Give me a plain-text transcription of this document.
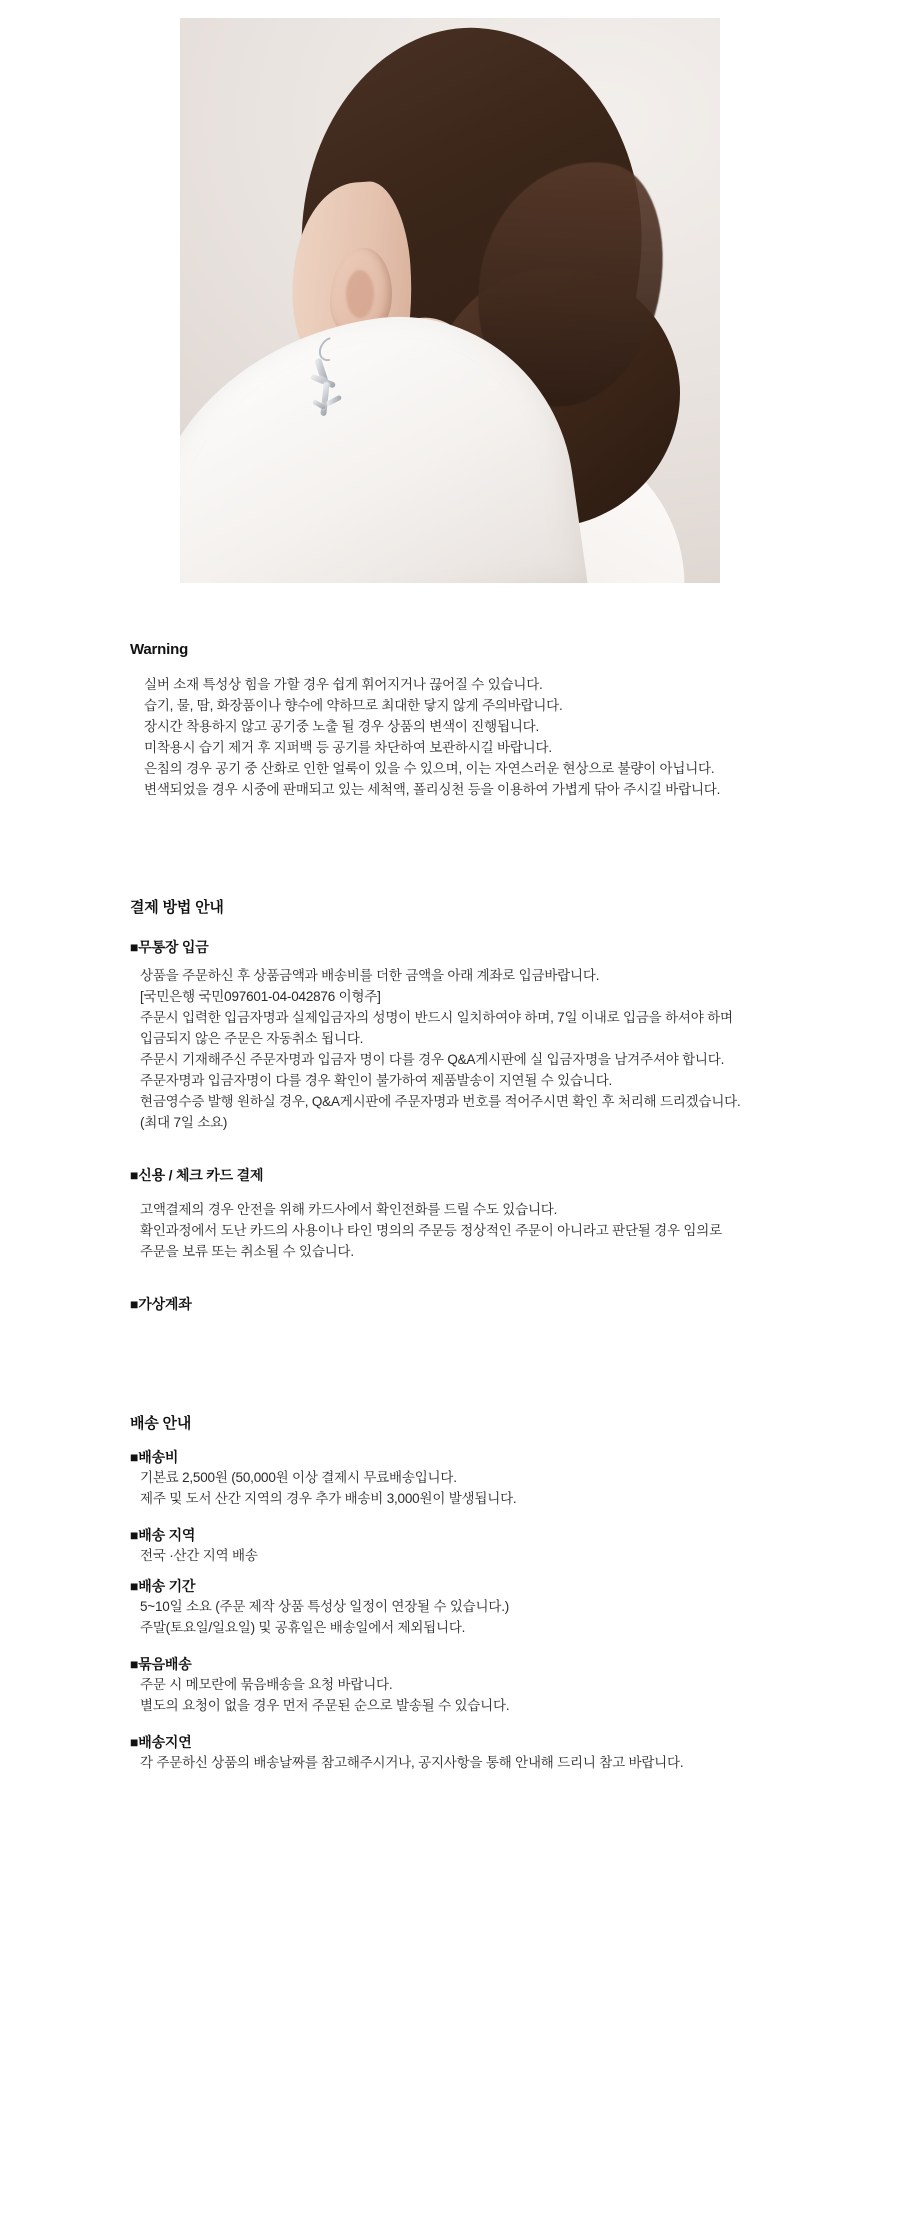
Warning
실버 소재 특성상 힘을 가할 경우 쉽게 휘어지거나 끊어질 수 있습니다.
습기, 물, 땀, 화장품이나 향수에 약하므로 최대한 닿지 않게 주의바랍니다.
장시간 착용하지 않고 공기중 노출 될 경우 상품의 변색이 진행됩니다.
미착용시 습기 제거 후 지퍼백 등 공기를 차단하여 보관하시길 바랍니다.
은침의 경우 공기 중 산화로 인한 얼룩이 있을 수 있으며, 이는 자연스러운 현상으로 불량이 아닙니다.
변색되었을 경우 시중에 판매되고 있는 세척액, 폴리싱천 등을 이용하여 가볍게 닦아 주시길 바랍니다.
결제 방법 안내
■무통장 입금
상품을 주문하신 후 상품금액과 배송비를 더한 금액을 아래 계좌로 입금바랍니다.
[국민은행 국민097601-04-042876 이형주]
주문시 입력한 입금자명과 실제입금자의 성명이 반드시 일치하여야 하며, 7일 이내로 입금을 하셔야 하며
입금되지 않은 주문은 자동취소 됩니다.
주문시 기재해주신 주문자명과 입금자 명이 다를 경우 Q&A게시판에 실 입금자명을 남겨주셔야 합니다.
주문자명과 입금자명이 다를 경우 확인이 불가하여 제품발송이 지연될 수 있습니다.
현금영수증 발행 원하실 경우, Q&A게시판에 주문자명과 번호를 적어주시면 확인 후 처리해 드리겠습니다.
(최대 7일 소요)
■신용 / 체크 카드 결제
고액결제의 경우 안전을 위해 카드사에서 확인전화를 드릴 수도 있습니다.
확인과정에서 도난 카드의 사용이나 타인 명의의 주문등 정상적인 주문이 아니라고 판단될 경우 임의로
주문을 보류 또는 취소될 수 있습니다.
■가상계좌
배송 안내
■배송비
기본료 2,500원 (50,000원 이상 결제시 무료배송입니다.
제주 및 도서 산간 지역의 경우 추가 배송비 3,000원이 발생됩니다.
■배송 지역
전국 ·산간 지역 배송
■배송 기간
5~10일 소요 (주문 제작 상품 특성상 일정이 연장될 수 있습니다.)
주말(토요일/일요일) 및 공휴일은 배송일에서 제외됩니다.
■묶음배송
주문 시 메모란에 묶음배송을 요청 바랍니다.
별도의 요청이 없을 경우 먼저 주문된 순으로 발송될 수 있습니다.
■배송지연
각 주문하신 상품의 배송날짜를 참고해주시거나, 공지사항을 통해 안내해 드리니 참고 바랍니다.
